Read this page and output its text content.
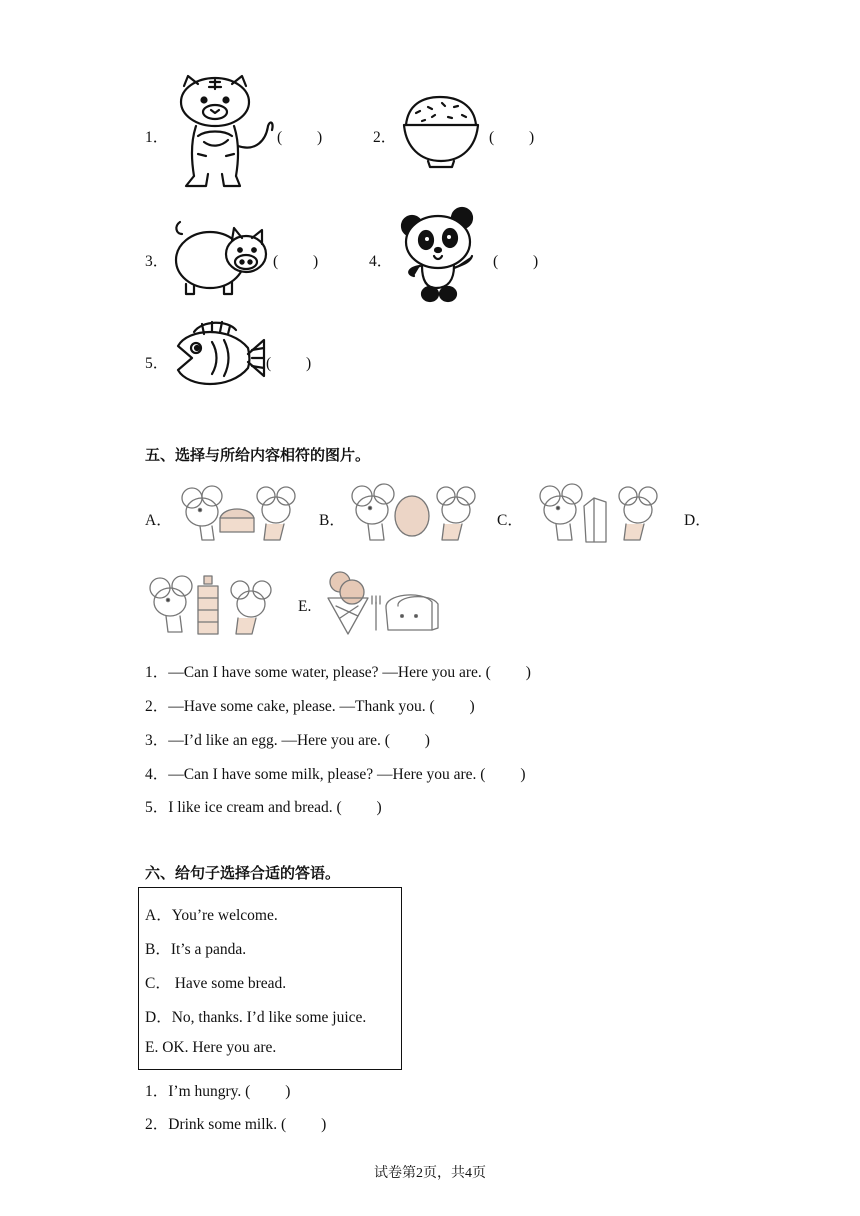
1．	(　　 )	2．	(　　 )
3．	(　　 )	4．	(　　 )
5．	(　　 )
五、选择与所给内容相符的图片。
A．	B．	C．	D．
E.
1．—Can I have some water, please? —Here you are. (　　 )
2．—Have some cake, please. —Thank you. (　　 )
3．—I’d like an egg. —Here you are. (　　 )
4．—Can I have some milk, please? —Here you are. (　　 )
5．I like ice cream and bread. (　　 )
六、给句子选择合适的答语。
A．You’re welcome.
B．It’s a panda.
C． Have some bread.
D．No, thanks. I’d like some juice.
E. OK. Here you are.
1．I’m hungry. (　　 )
2．Drink some milk. (　　 )
试卷第2页，共4页
